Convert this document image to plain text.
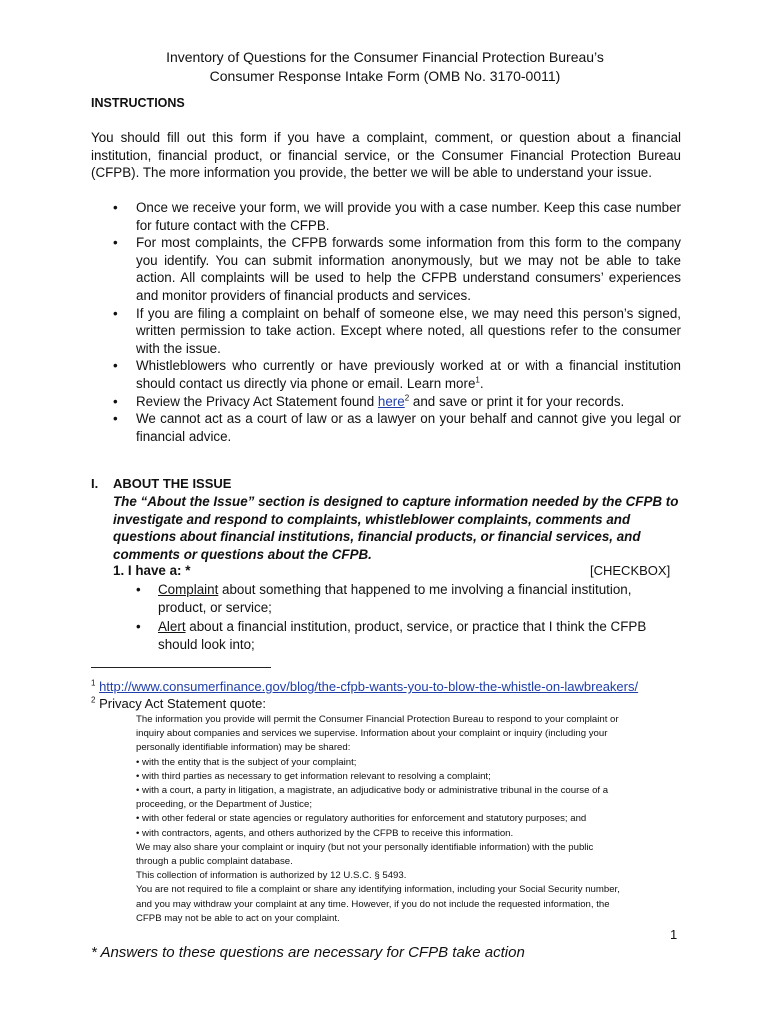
Inventory of Questions for the Consumer Financial Protection Bureau’s
Consumer Response Intake Form (OMB No. 3170-0011)
INSTRUCTIONS
You should fill out this form if you have a complaint, comment, or question about a financial institution, financial product, or financial service, or the Consumer Financial Protection Bureau (CFPB). The more information you provide, the better we will be able to understand your issue.
• Once we receive your form, we will provide you with a case number. Keep this case number for future contact with the CFPB.
• For most complaints, the CFPB forwards some information from this form to the company you identify. You can submit information anonymously, but we may not be able to take action. All complaints will be used to help the CFPB understand consumers’ experiences and monitor providers of financial products and services.
• If you are filing a complaint on behalf of someone else, we may need this person’s signed, written permission to take action. Except where noted, all questions refer to the consumer with the issue.
• Whistleblowers who currently or have previously worked at or with a financial institution should contact us directly via phone or email. Learn more$^1$.
• Review the Privacy Act Statement found here$^2$ and save or print it for your records.
• We cannot act as a court of law or as a lawyer on your behalf and cannot give you legal or financial advice.
I. ABOUT THE ISSUE
The “About the Issue” section is designed to capture information needed by the CFPB to investigate and respond to complaints, whistleblower complaints, comments and questions about financial institutions, financial products, or financial services, and comments or questions about the CFPB.
1. I have a: *	[CHECKBOX]
• Complaint about something that happened to me involving a financial institution, product, or service;
• Alert about a financial institution, product, service, or practice that I think the CFPB should look into;
$^1$ http://www.consumerfinance.gov/blog/the-cfpb-wants-you-to-blow-the-whistle-on-lawbreakers/
$^2$ Privacy Act Statement quote:
The information you provide will permit the Consumer Financial Protection Bureau to respond to your complaint or
inquiry about companies and services we supervise. Information about your complaint or inquiry (including your
personally identifiable information) may be shared:
• with the entity that is the subject of your complaint;
• with third parties as necessary to get information relevant to resolving a complaint;
• with a court, a party in litigation, a magistrate, an adjudicative body or administrative tribunal in the course of a
proceeding, or the Department of Justice;
• with other federal or state agencies or regulatory authorities for enforcement and statutory purposes; and
• with contractors, agents, and others authorized by the CFPB to receive this information.
We may also share your complaint or inquiry (but not your personally identifiable information) with the public
through a public complaint database.
This collection of information is authorized by 12 U.S.C. § 5493.
You are not required to file a complaint or share any identifying information, including your Social Security number,
and you may withdraw your complaint at any time. However, if you do not include the requested information, the
CFPB may not be able to act on your complaint.
1
* Answers to these questions are necessary for CFPB take action
